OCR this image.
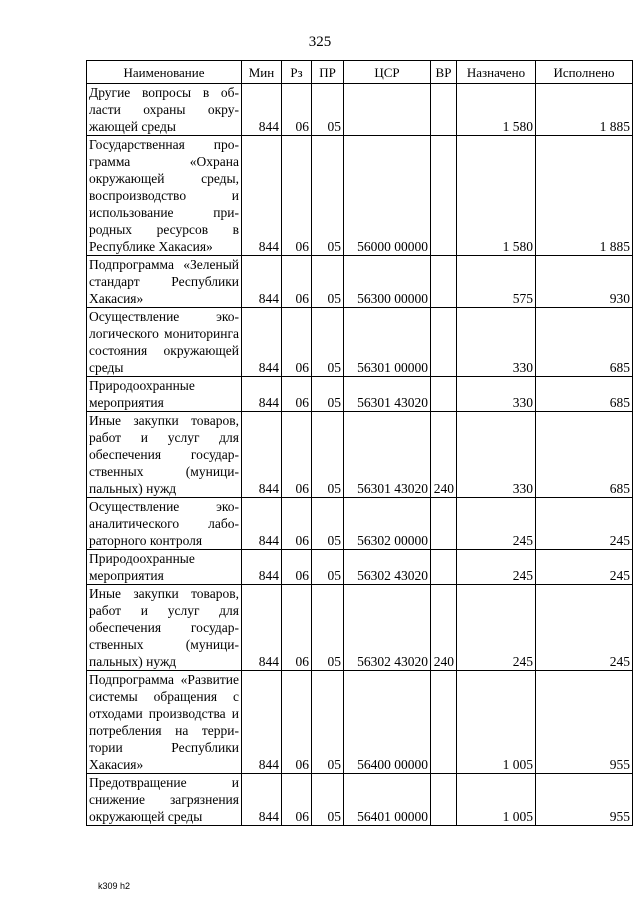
325
Наименование	Мин	Рз	ПР	ЦСР	ВР	Назначено	Исполнено
Другие вопросы в области охраны окружающей среды	844	06	05			1 580	1 885
Государственная программа «Охрана окружающей среды, воспроизводство и использование природных ресурсов в Республике Хакасия»	844	06	05	56000 00000		1 580	1 885
Подпрограмма «Зеленый стандарт Республики Хакасия»	844	06	05	56300 00000		575	930
Осуществление экологического мониторинга состояния окружающей среды	844	06	05	56301 00000		330	685
Природоохранные мероприятия	844	06	05	56301 43020		330	685
Иные закупки товаров, работ и услуг для обеспечения государственных (муниципальных) нужд	844	06	05	56301 43020	240	330	685
Осуществление экоаналитического лабораторного контроля	844	06	05	56302 00000		245	245
Природоохранные мероприятия	844	06	05	56302 43020		245	245
Иные закупки товаров, работ и услуг для обеспечения государственных (муниципальных) нужд	844	06	05	56302 43020	240	245	245
Подпрограмма «Развитие системы обращения с отходами производства и потребления на территории Республики Хакасия»	844	06	05	56400 00000		1 005	955
Предотвращение и снижение загрязнения окружающей среды	844	06	05	56401 00000		1 005	955
k309 h2
